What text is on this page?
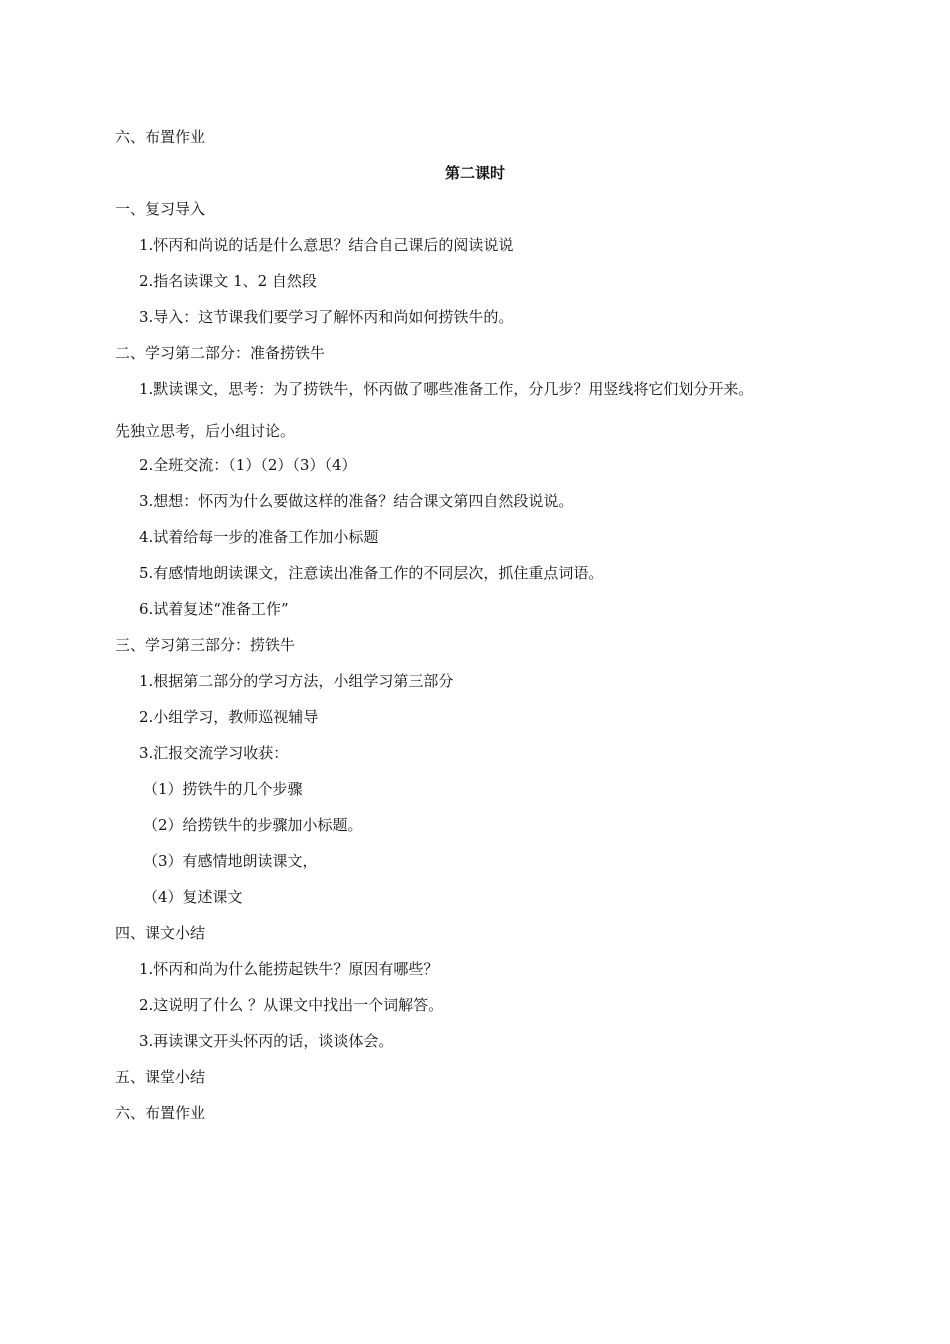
六、布置作业
第二课时
一、复习导入
1.怀丙和尚说的话是什么意思？结合自己课后的阅读说说
2.指名读课文 1、2 自然段
3.导入：这节课我们要学习了解怀丙和尚如何捞铁牛的。
二、学习第二部分：准备捞铁牛
1.默读课文，思考：为了捞铁牛，怀丙做了哪些准备工作，分几步？用竖线将它们划分开来。
先独立思考，后小组讨论。
2.全班交流：（1）（2）（3）（4）
3.想想：怀丙为什么要做这样的准备？结合课文第四自然段说说。
4.试着给每一步的准备工作加小标题
5.有感情地朗读课文，注意读出准备工作的不同层次，抓住重点词语。
6.试着复述“准备工作”
三、学习第三部分：捞铁牛
1.根据第二部分的学习方法，小组学习第三部分
2.小组学习，教师巡视辅导
3.汇报交流学习收获：
（1）捞铁牛的几个步骤
（2）给捞铁牛的步骤加小标题。
（3）有感情地朗读课文，
（4）复述课文
四、课文小结
1.怀丙和尚为什么能捞起铁牛？原因有哪些？
2.这说明了什么 ？从课文中找出一个词解答。
3.再读课文开头怀丙的话，谈谈体会。
五、课堂小结
六、布置作业
